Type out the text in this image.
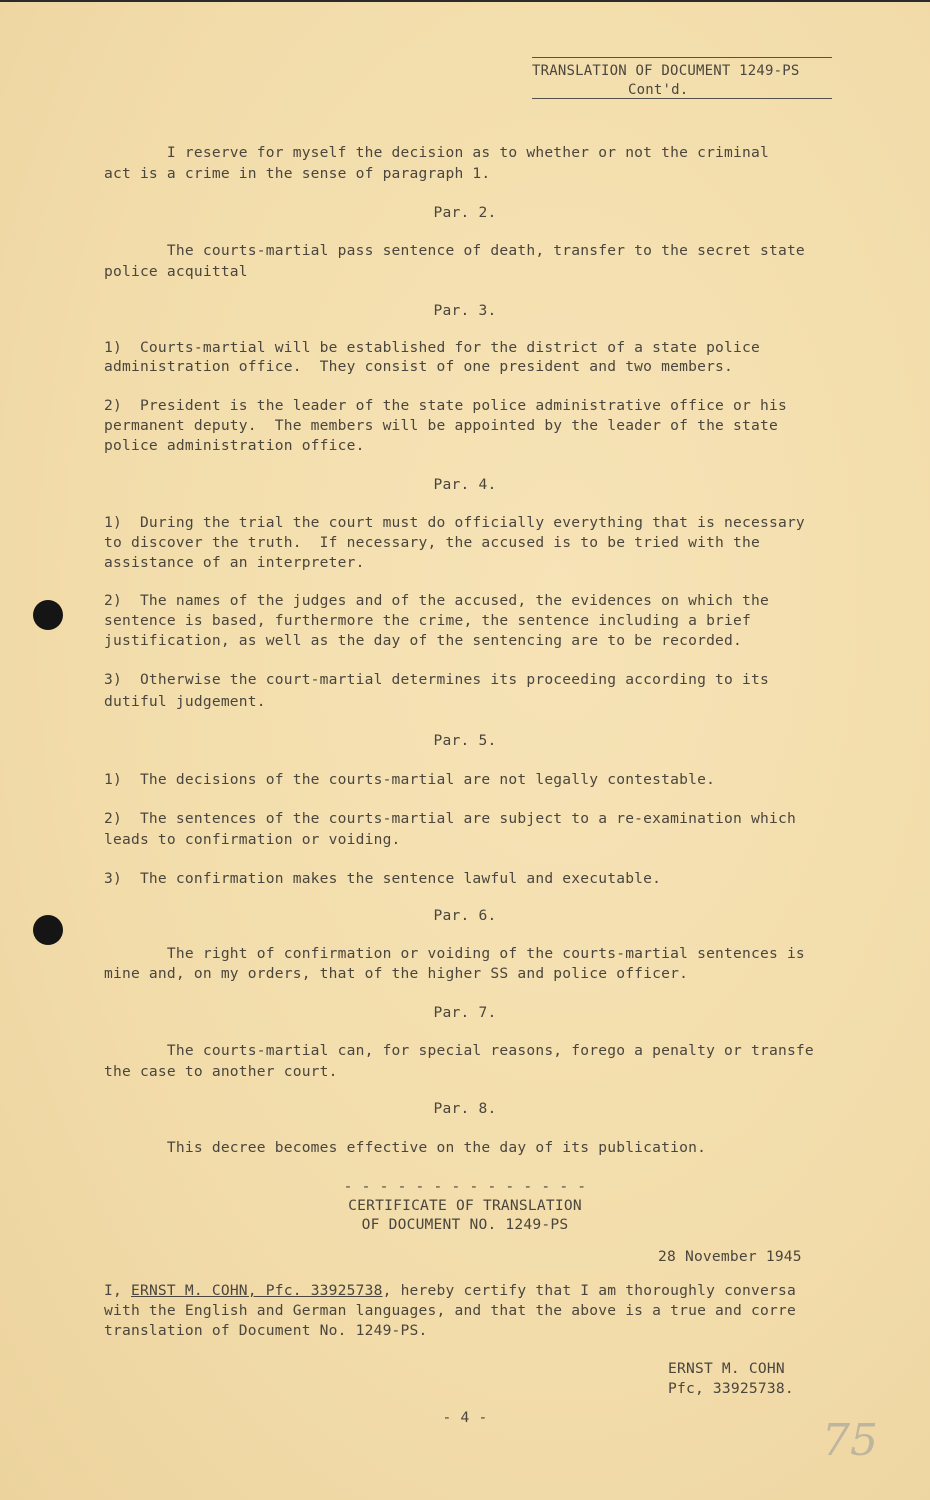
TRANSLATION OF DOCUMENT 1249-PS
Cont'd.
I reserve for myself the decision as to whether or not the criminal
act is a crime in the sense of paragraph 1.
Par. 2.
The courts-martial pass sentence of death, transfer to the secret state
police acquittal
Par. 3.
1)  Courts-martial will be established for the district of a state police
administration office.  They consist of one president and two members.
2)  President is the leader of the state police administrative office or his
permanent deputy.  The members will be appointed by the leader of the state
police administration office.
Par. 4.
1)  During the trial the court must do officially everything that is necessary
to discover the truth.  If necessary, the accused is to be tried with the
assistance of an interpreter.
2)  The names of the judges and of the accused, the evidences on which the
sentence is based, furthermore the crime, the sentence including a brief
justification, as well as the day of the sentencing are to be recorded.
3)  Otherwise the court-martial determines its proceeding according to its
dutiful judgement.
Par. 5.
1)  The decisions of the courts-martial are not legally contestable.
2)  The sentences of the courts-martial are subject to a re-examination which
leads to confirmation or voiding.
3)  The confirmation makes the sentence lawful and executable.
Par. 6.
The right of confirmation or voiding of the courts-martial sentences is
mine and, on my orders, that of the higher SS and police officer.
Par. 7.
The courts-martial can, for special reasons, forego a penalty or transfe
the case to another court.
Par. 8.
This decree becomes effective on the day of its publication.
- - - - - - - - - - - - - -
CERTIFICATE OF TRANSLATION
OF DOCUMENT NO. 1249-PS
28 November 1945
I, ERNST M. COHN, Pfc. 33925738, hereby certify that I am thoroughly conversa
with the English and German languages, and that the above is a true and corre
translation of Document No. 1249-PS.
ERNST M. COHN
Pfc, 33925738.
- 4 -	75
